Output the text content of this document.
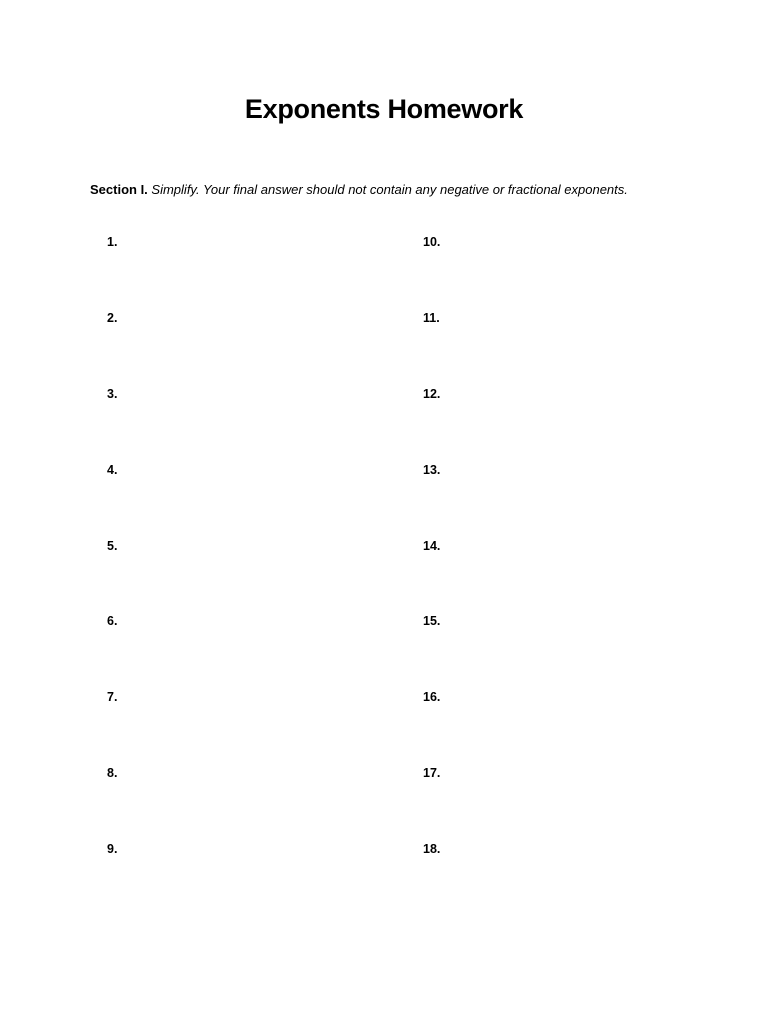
Exponents Homework
Section I. Simplify. Your final answer should not contain any negative or fractional exponents.
1.
2.
3.
4.
5.
6.
7.
8.
9.
10.
11.
12.
13.
14.
15.
16.
17.
18.
